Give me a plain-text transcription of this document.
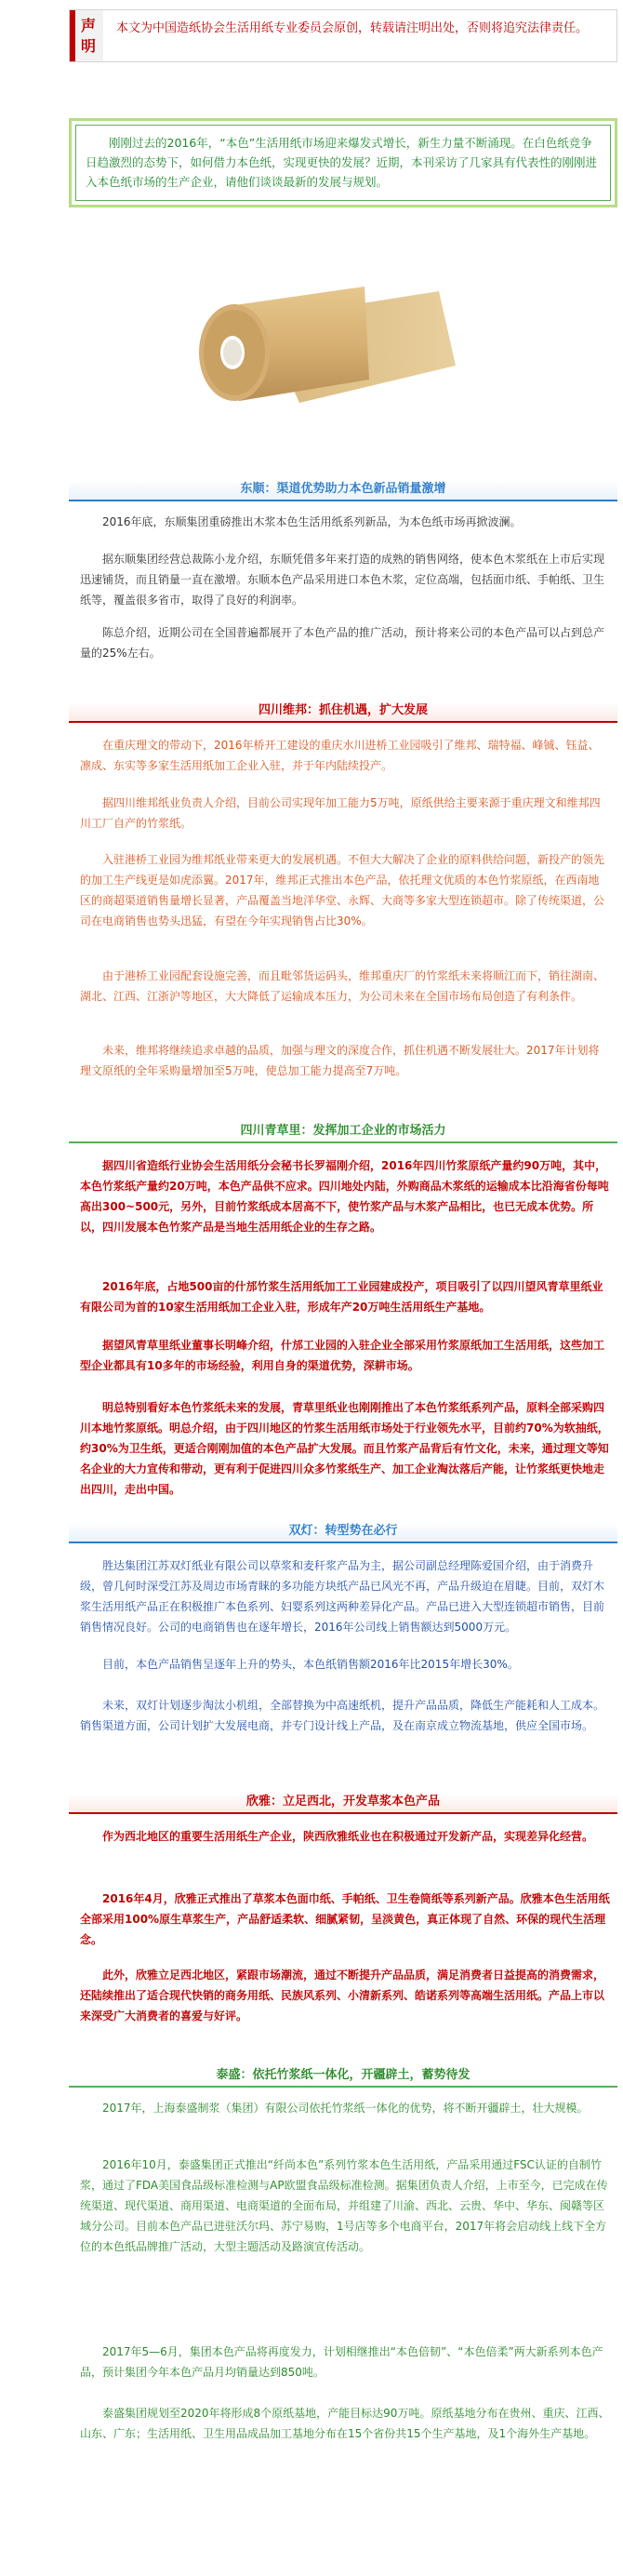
声
明
本文为中国造纸协会生活用纸专业委员会原创，转载请注明出处，否则将追究法律责任。
刚刚过去的2016年，“本色”生活用纸市场迎来爆发式增长，新生力量不断涌现。在白色纸竞争日趋激烈的态势下，如何借力本色纸，实现更快的发展？近期，本刊采访了几家具有代表性的刚刚进入本色纸市场的生产企业，请他们谈谈最新的发展与规划。
东顺：渠道优势助力本色新品销量激增

2016年底，东顺集团重磅推出木浆本色生活用纸系列新品，为本色纸市场再掀波澜。

据东顺集团经营总裁陈小龙介绍，东顺凭借多年来打造的成熟的销售网络，使本色木浆纸在上市后实现迅速铺货，而且销量一直在激增。东顺本色产品采用进口本色木浆，定位高端，包括面巾纸、手帕纸、卫生纸等，覆盖很多省市，取得了良好的利润率。

陈总介绍，近期公司在全国普遍都展开了本色产品的推广活动，预计将来公司的本色产品可以占到总产量的25%左右。

四川维邦：抓住机遇，扩大发展

在重庆理文的带动下，2016年桥开工建设的重庆水川进桥工业园吸引了维邦、瑞特福、峰铖、钰益、凛成、东实等多家生活用纸加工企业入驻，并于年内陆续投产。

据四川维邦纸业负责人介绍，目前公司实现年加工能力5万吨，原纸供给主要来源于重庆理文和维邦四川工厂自产的竹浆纸。

入驻港桥工业园为维邦纸业带来更大的发展机遇。不但大大解决了企业的原料供给问题，新投产的领先的加工生产线更是如虎添翼。2017年，维邦正式推出本色产品，依托理文优质的本色竹浆原纸，在西南地区的商超渠道销售量增长显著，产品覆盖当地洋华堂、永辉、大商等多家大型连锁超市。除了传统渠道，公司在电商销售也势头迅猛，有望在今年实现销售占比30%。

由于港桥工业园配套设施完善，而且毗邻货运码头，维邦重庆厂的竹浆纸未来将顺江而下，销往湖南、湖北、江西、江浙沪等地区，大大降低了运输成本压力，为公司未来在全国市场布局创造了有利条件。

未来，维邦将继续追求卓越的品质，加强与理文的深度合作，抓住机遇不断发展壮大。2017年计划将理文原纸的全年采购量增加至5万吨，使总加工能力提高至7万吨。

四川青草里：发挥加工企业的市场活力

据四川省造纸行业协会生活用纸分会秘书长罗福刚介绍，2016年四川竹浆原纸产量约90万吨，其中，本色竹浆纸产量约20万吨，本色产品供不应求。四川地处内陆，外购商品木浆纸的运输成本比沿海省份每吨高出300~500元，另外，目前竹浆纸成本居高不下，使竹浆产品与木浆产品相比，也已无成本优势。所以，四川发展本色竹浆产品是当地生活用纸企业的生存之路。

2016年底，占地500亩的什邡竹浆生活用纸加工工业园建成投产，项目吸引了以四川望风青草里纸业有限公司为首的10家生活用纸加工企业入驻，形成年产20万吨生活用纸生产基地。

据望风青草里纸业董事长明峰介绍，什邡工业园的入驻企业全部采用竹浆原纸加工生活用纸，这些加工型企业都具有10多年的市场经验，利用自身的渠道优势，深耕市场。

明总特别看好本色竹浆纸未来的发展，青草里纸业也刚刚推出了本色竹浆纸系列产品，原料全部采购四川本地竹浆原纸。明总介绍，由于四川地区的竹浆生活用纸市场处于行业领先水平，目前约70%为软抽纸，约30%为卫生纸，更适合刚刚加值的本色产品扩大发展。而且竹浆产品背后有竹文化，未来，通过理文等知名企业的大力宣传和带动，更有利于促进四川众多竹浆纸生产、加工企业淘汰落后产能，让竹浆纸更快地走出四川，走出中国。

双灯：转型势在必行

胜达集团江苏双灯纸业有限公司以草浆和麦秆浆产品为主，据公司副总经理陈爱国介绍，由于消费升级，曾几何时深受江苏及周边市场青睐的多功能方块纸产品已风光不再，产品升级迫在眉睫。目前，双灯木浆生活用纸产品正在积极推广本色系列、妇婴系列这两种差异化产品。产品已进入大型连锁超市销售，目前销售情况良好。公司的电商销售也在逐年增长，2016年公司线上销售额达到5000万元。

目前，本色产品销售呈逐年上升的势头，本色纸销售额2016年比2015年增长30%。

未来，双灯计划逐步淘汰小机组，全部替换为中高速纸机，提升产品品质，降低生产能耗和人工成本。销售渠道方面，公司计划扩大发展电商，并专门设计线上产品，及在南京成立物流基地，供应全国市场。

欣雅：立足西北，开发草浆本色产品

作为西北地区的重要生活用纸生产企业，陕西欣雅纸业也在积极通过开发新产品，实现差异化经营。

2016年4月，欣雅正式推出了草浆本色面巾纸、手帕纸、卫生卷筒纸等系列新产品。欣雅本色生活用纸全部采用100%原生草浆生产，产品舒适柔软、细腻紧韧，呈淡黄色，真正体现了自然、环保的现代生活理念。

此外，欣雅立足西北地区，紧跟市场潮流，通过不断提升产品品质，满足消费者日益提高的消费需求，还陆续推出了适合现代快销的商务用纸、民族风系列、小清新系列、皓诺系列等高端生活用纸。产品上市以来深受广大消费者的喜爱与好评。

泰盛：依托竹浆纸一体化，开疆辟土，蓄势待发

2017年，上海泰盛制浆（集团）有限公司依托竹浆纸一体化的优势，将不断开疆辟土，壮大规模。

2016年10月，泰盛集团正式推出“纤尚本色”系列竹浆本色生活用纸，产品采用通过FSC认证的自制竹浆，通过了FDA美国食品级标准检测与AP欧盟食品级标准检测。据集团负责人介绍，上市至今，已完成在传统渠道、现代渠道、商用渠道、电商渠道的全面布局，并组建了川渝、西北、云贵、华中、华东、闽赣等区域分公司。目前本色产品已进驻沃尔玛、苏宁易购，1号店等多个电商平台，2017年将会启动线上线下全方位的本色纸品牌推广活动，大型主题活动及路演宣传活动。

2017年5—6月，集团本色产品将再度发力，计划相继推出“本色倍韧”、“本色倍柔”两大新系列本色产品，预计集团今年本色产品月均销量达到850吨。

泰盛集团规划至2020年将形成8个原纸基地，产能目标达90万吨。原纸基地分布在贵州、重庆、江西、山东、广东；生活用纸、卫生用品成品加工基地分布在15个省份共15个生产基地，及1个海外生产基地。
